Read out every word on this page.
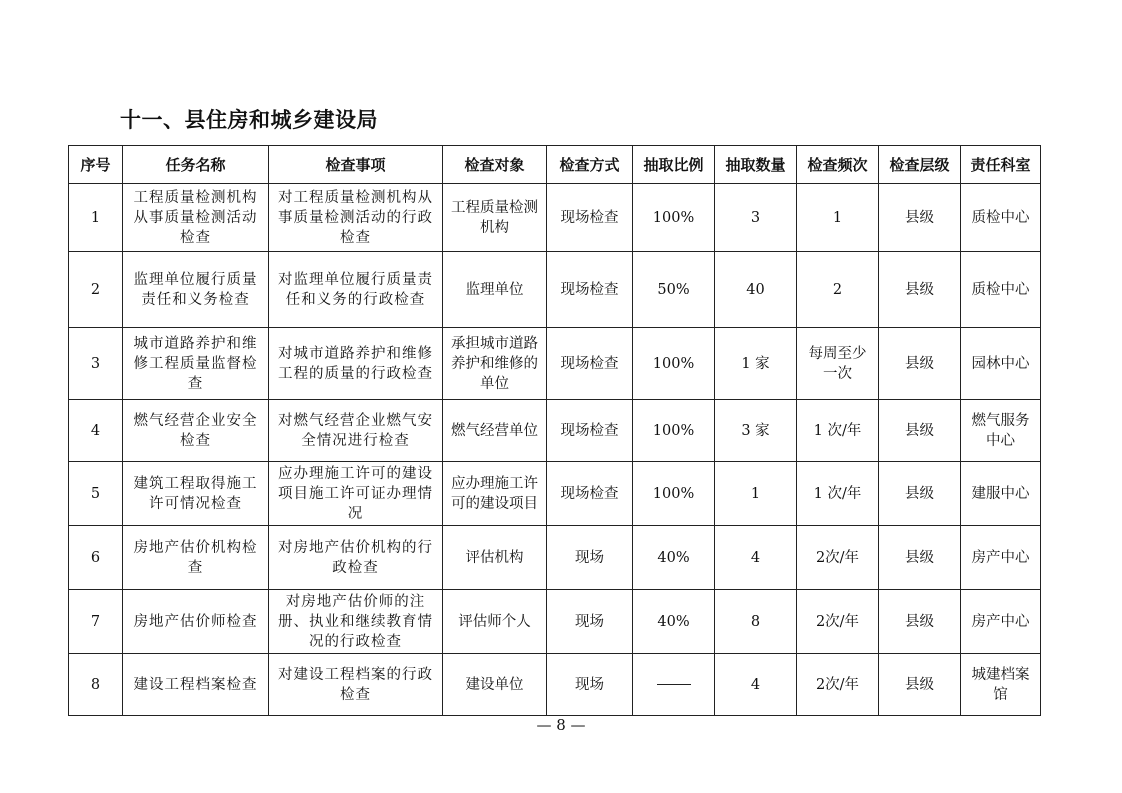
十一、县住房和城乡建设局
序号	任务名称	检查事项	检查对象	检查方式	抽取比例	抽取数量	检查频次	检查层级	责任科室
1	工程质量检测机构从事质量检测活动检查	对工程质量检测机构从事质量检测活动的行政检查	工程质量检测机构	现场检查	100%	3	1	县级	质检中心
2	监理单位履行质量责任和义务检查	对监理单位履行质量责任和义务的行政检查	监理单位	现场检查	50%	40	2	县级	质检中心
3	城市道路养护和维修工程质量监督检查	对城市道路养护和维修工程的质量的行政检查	承担城市道路养护和维修的单位	现场检查	100%	1 家	每周至少一次	县级	园林中心
4	燃气经营企业安全检查	对燃气经营企业燃气安全情况进行检查	燃气经营单位	现场检查	100%	3 家	1 次/年	县级	燃气服务中心
5	建筑工程取得施工许可情况检查	应办理施工许可的建设项目施工许可证办理情况	应办理施工许可的建设项目	现场检查	100%	1	1 次/年	县级	建服中心
6	房地产估价机构检查	对房地产估价机构的行政检查	评估机构	现场	40%	4	2次/年	县级	房产中心
7	房地产估价师检查	对房地产估价师的注册、执业和继续教育情况的行政检查	评估师个人	现场	40%	8	2次/年	县级	房产中心
8	建设工程档案检查	对建设工程档案的行政检查	建设单位	现场		4	2次/年	县级	城建档案馆
— 8 —
